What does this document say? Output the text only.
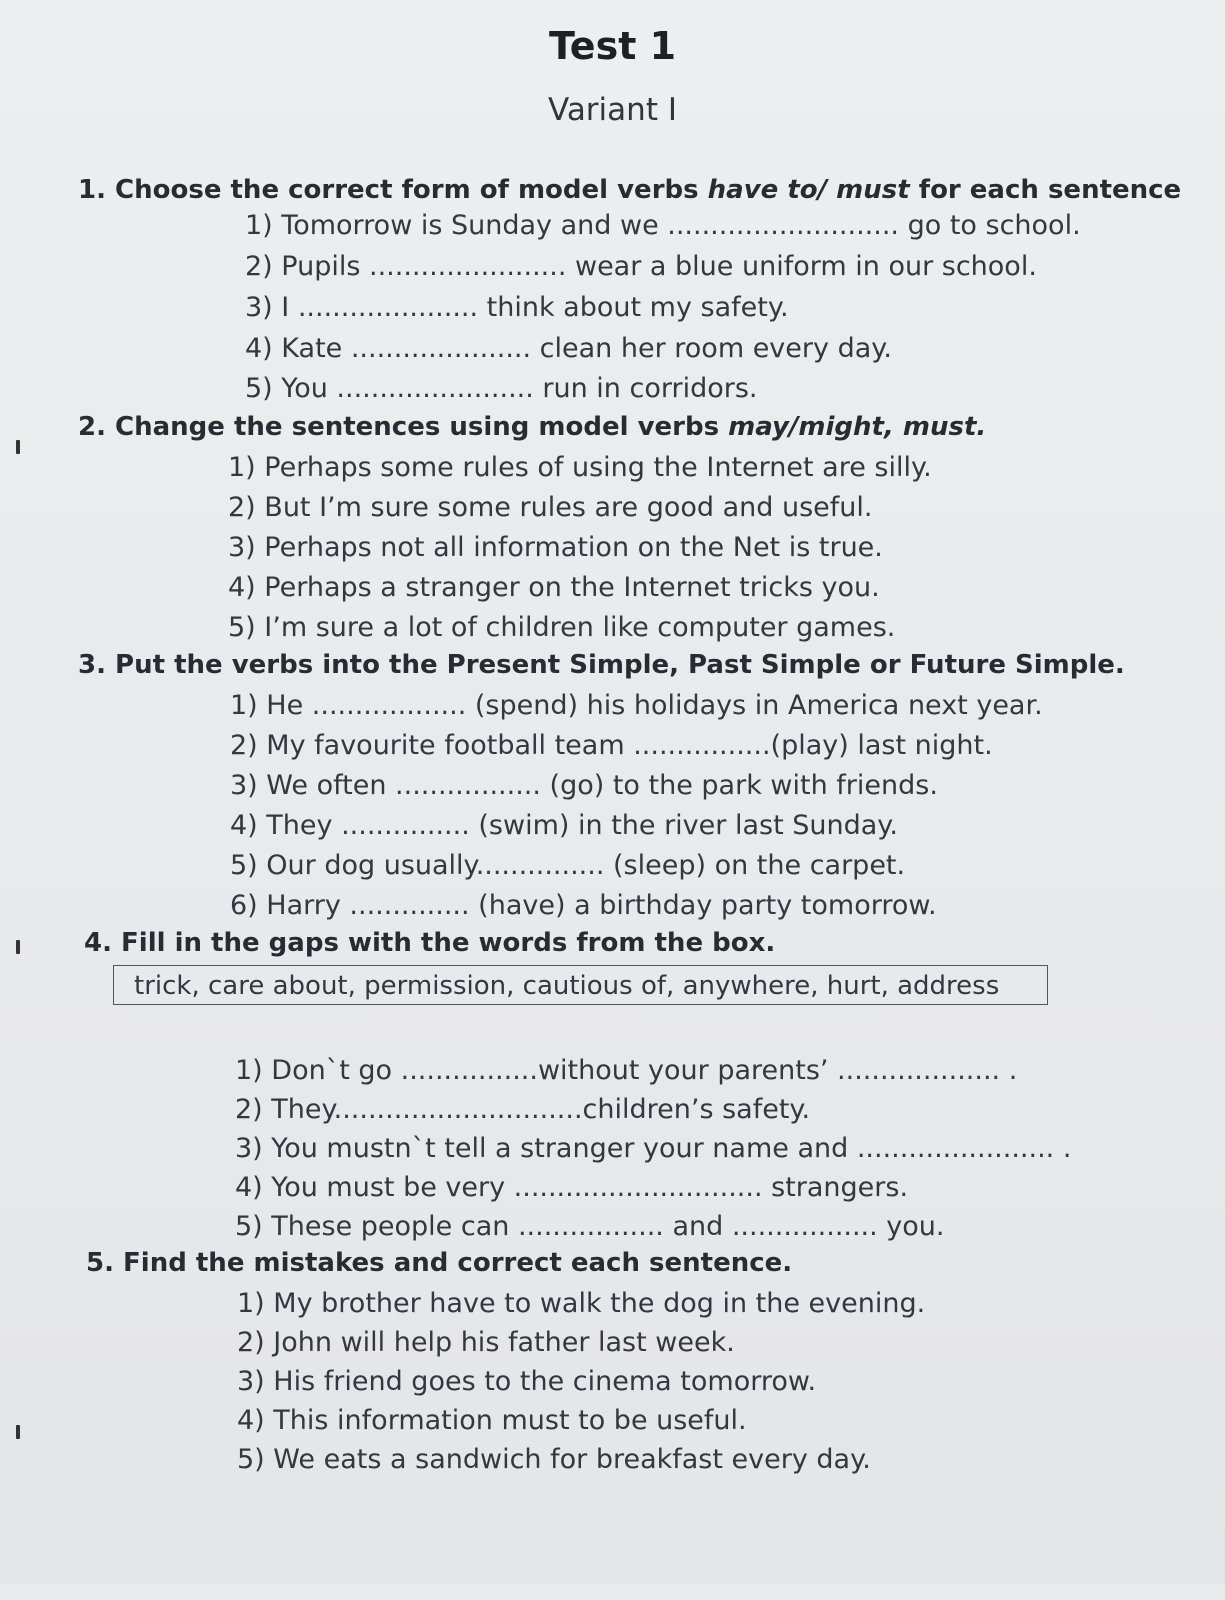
Test 1
Variant I
1. Choose the correct form of model verbs have to/ must for each sentence
1) Tomorrow is Sunday and we ........................... go to school.
2) Pupils ....................... wear a blue uniform in our school.
3) I ..................... think about my safety.
4) Kate ..................... clean her room every day.
5) You ....................... run in corridors.
2. Change the sentences using model verbs may/might, must.
1) Perhaps some rules of using the Internet are silly.
2) But I’m sure some rules are good and useful.
3) Perhaps not all information on the Net is true.
4) Perhaps a stranger on the Internet tricks you.
5) I’m sure a lot of children like computer games.
3. Put the verbs into the Present Simple, Past Simple or Future Simple.
1) He .................. (spend) his holidays in America next year.
2) My favourite football team ................(play) last night.
3) We often ................. (go) to the park with friends.
4) They ............... (swim) in the river last Sunday.
5) Our dog usually............... (sleep) on the carpet.
6) Harry .............. (have) a birthday party tomorrow.
4. Fill in the gaps with the words from the box.
trick, care about, permission, cautious of, anywhere, hurt, address
1) Don`t go ................without your parents’ ................... .
2) They.............................children’s safety.
3) You mustn`t tell a stranger your name and ....................... .
4) You must be very ............................. strangers.
5) These people can ................. and ................. you.
5. Find the mistakes and correct each sentence.
1) My brother have to walk the dog in the evening.
2) John will help his father last week.
3) His friend goes to the cinema tomorrow.
4) This information must to be useful.
5) We eats a sandwich for breakfast every day.
